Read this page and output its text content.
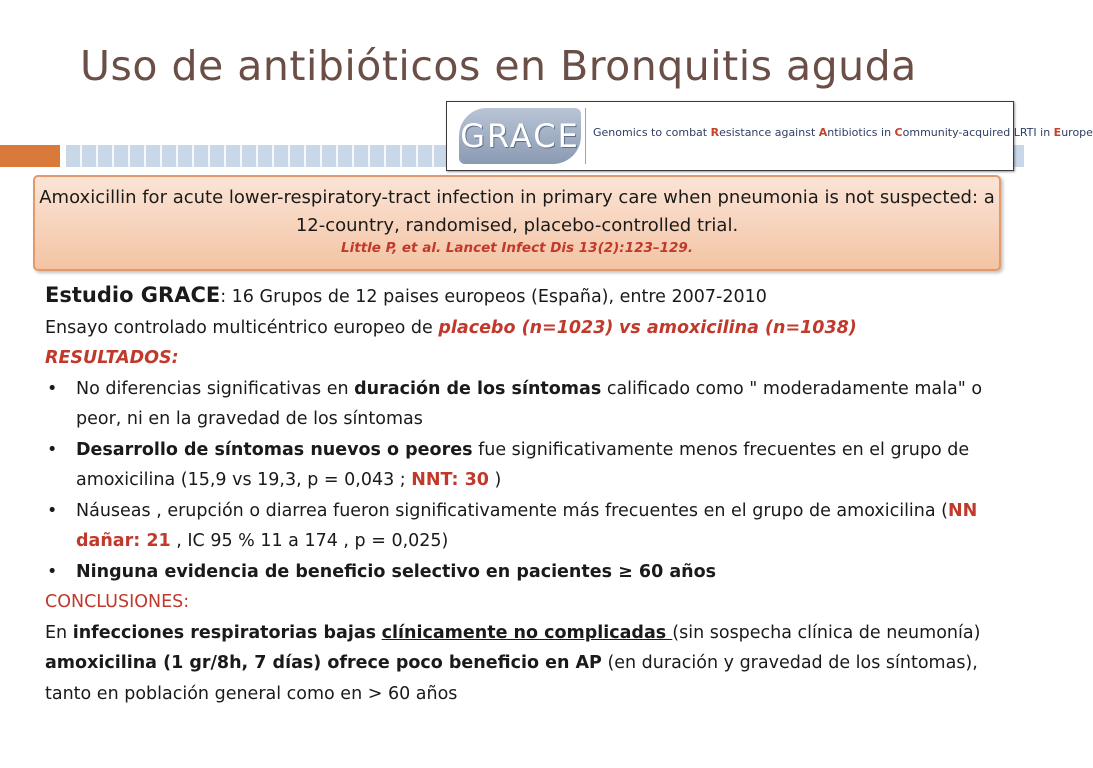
Uso de antibióticos en Bronquitis aguda
GRACE Genomics to combat Resistance against Antibiotics in Community-acquired LRTI in Europe
Amoxicillin for acute lower-respiratory-tract infection in primary care when pneumonia is not suspected: a 12-country, randomised, placebo-controlled trial.
Little P, et al. Lancet Infect Dis 13(2):123–129.

Estudio GRACE: 16 Grupos de 12 paises europeos (España), entre 2007-2010

Ensayo controlado multicéntrico europeo de placebo (n=1023) vs amoxicilina (n=1038)

RESULTADOS:

• No diferencias significativas en duración de los síntomas calificado como " moderadamente mala" o peor, ni en la gravedad de los síntomas
• Desarrollo de síntomas nuevos o peores fue significativamente menos frecuentes en el grupo de amoxicilina (15,9 vs 19,3, p = 0,043 ; NNT: 30 )
• Náuseas , erupción o diarrea fueron significativamente más frecuentes en el grupo de amoxicilina (NN dañar: 21 , IC 95 % 11 a 174 , p = 0,025)
• Ninguna evidencia de beneficio selectivo en pacientes ≥ 60 años

CONCLUSIONES:

En infecciones respiratorias bajas clínicamente no complicadas (sin sospecha clínica de neumonía) amoxicilina (1 gr/8h, 7 días) ofrece poco beneficio en AP (en duración y gravedad de los síntomas), tanto en población general como en > 60 años
